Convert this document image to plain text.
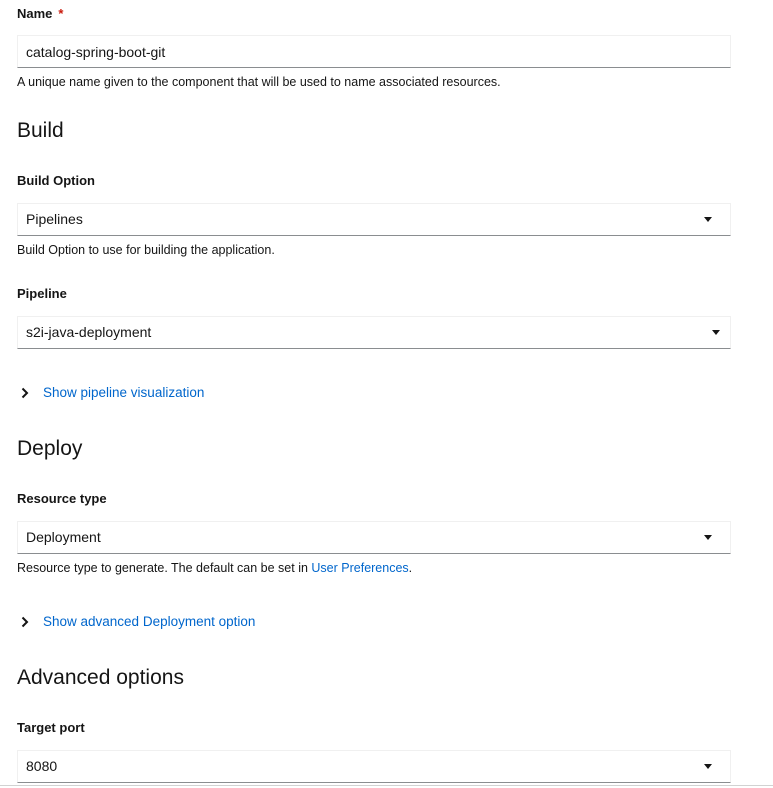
Name *
catalog-spring-boot-git
A unique name given to the component that will be used to name associated resources.
Build
Build Option
Pipelines
Build Option to use for building the application.
Pipeline
s2i-java-deployment
Show pipeline visualization
Deploy
Resource type
Deployment
Resource type to generate. The default can be set in User Preferences.
Show advanced Deployment option
Advanced options
Target port
8080
